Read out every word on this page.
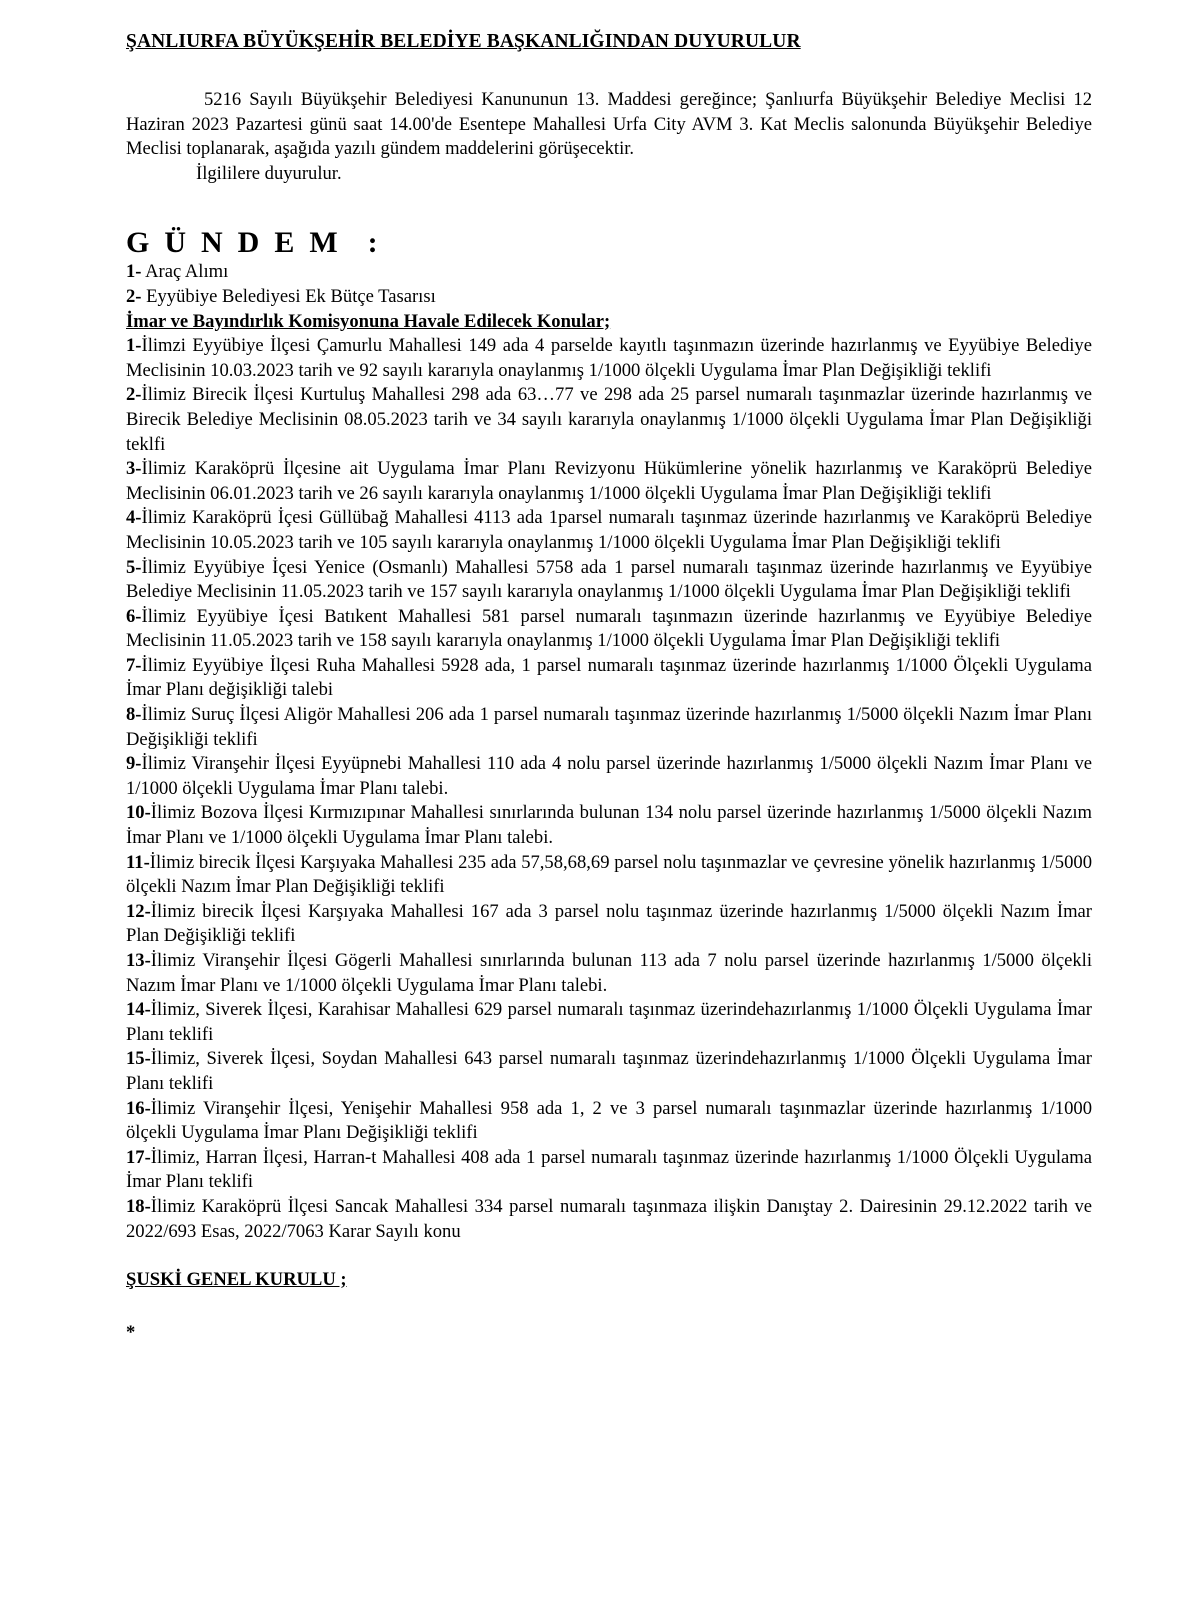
ŞANLIURFA BÜYÜKŞEHİR BELEDİYE BAŞKANLIĞINDAN DUYURULUR
5216 Sayılı Büyükşehir Belediyesi Kanununun 13. Maddesi gereğince; Şanlıurfa Büyükşehir Belediye Meclisi 12 Haziran 2023 Pazartesi günü saat 14.00'de Esentepe Mahallesi Urfa City AVM 3. Kat Meclis salonunda Büyükşehir Belediye Meclisi toplanarak, aşağıda yazılı gündem maddelerini görüşecektir.
İlgililere duyurulur.
G  Ü  N  D  E  M    :
1- Araç Alımı
2- Eyyübiye Belediyesi Ek Bütçe Tasarısı
İmar ve Bayındırlık Komisyonuna Havale Edilecek Konular;
1-İlimzi Eyyübiye İlçesi Çamurlu Mahallesi 149 ada 4 parselde kayıtlı taşınmazın üzerinde hazırlanmış ve Eyyübiye Belediye Meclisinin 10.03.2023 tarih ve 92 sayılı kararıyla onaylanmış 1/1000 ölçekli Uygulama İmar Plan Değişikliği teklifi
2-İlimiz Birecik İlçesi Kurtuluş Mahallesi 298 ada 63…77 ve 298 ada 25 parsel numaralı taşınmazlar üzerinde hazırlanmış ve Birecik Belediye Meclisinin 08.05.2023 tarih ve 34 sayılı kararıyla onaylanmış 1/1000 ölçekli Uygulama İmar Plan Değişikliği teklfi
3-İlimiz Karaköprü İlçesine ait Uygulama İmar Planı Revizyonu Hükümlerine yönelik hazırlanmış ve Karaköprü Belediye Meclisinin 06.01.2023 tarih ve 26 sayılı kararıyla onaylanmış 1/1000 ölçekli Uygulama İmar Plan Değişikliği teklifi
4-İlimiz Karaköprü İçesi Güllübağ Mahallesi 4113 ada 1parsel numaralı taşınmaz üzerinde hazırlanmış ve Karaköprü Belediye Meclisinin 10.05.2023 tarih ve 105 sayılı kararıyla onaylanmış 1/1000 ölçekli Uygulama İmar Plan Değişikliği teklifi
5-İlimiz Eyyübiye İçesi Yenice (Osmanlı) Mahallesi 5758 ada 1 parsel numaralı taşınmaz üzerinde hazırlanmış ve Eyyübiye Belediye Meclisinin 11.05.2023 tarih ve 157 sayılı kararıyla onaylanmış 1/1000 ölçekli Uygulama İmar Plan Değişikliği teklifi
6-İlimiz Eyyübiye İçesi Batıkent Mahallesi 581 parsel numaralı taşınmazın üzerinde hazırlanmış ve Eyyübiye Belediye Meclisinin 11.05.2023 tarih ve 158 sayılı kararıyla onaylanmış 1/1000 ölçekli Uygulama İmar Plan Değişikliği teklifi
7-İlimiz Eyyübiye İlçesi Ruha Mahallesi 5928 ada, 1 parsel numaralı taşınmaz üzerinde hazırlanmış 1/1000 Ölçekli Uygulama İmar Planı değişikliği talebi
8-İlimiz Suruç İlçesi Aligör Mahallesi 206 ada 1 parsel numaralı taşınmaz üzerinde hazırlanmış 1/5000 ölçekli Nazım İmar Planı Değişikliği teklifi
9-İlimiz Viranşehir İlçesi Eyyüpnebi Mahallesi 110 ada 4 nolu parsel üzerinde hazırlanmış 1/5000 ölçekli Nazım İmar Planı ve 1/1000 ölçekli Uygulama İmar Planı talebi.
10-İlimiz Bozova İlçesi Kırmızıpınar Mahallesi sınırlarında bulunan 134 nolu parsel üzerinde hazırlanmış 1/5000 ölçekli Nazım İmar Planı ve 1/1000 ölçekli Uygulama İmar Planı talebi.
11-İlimiz birecik İlçesi Karşıyaka Mahallesi 235 ada 57,58,68,69 parsel nolu taşınmazlar ve çevresine yönelik hazırlanmış 1/5000 ölçekli Nazım İmar Plan Değişikliği teklifi
12-İlimiz birecik İlçesi Karşıyaka Mahallesi 167 ada 3 parsel nolu taşınmaz üzerinde hazırlanmış 1/5000 ölçekli Nazım İmar Plan Değişikliği teklifi
13-İlimiz Viranşehir İlçesi Gögerli Mahallesi sınırlarında bulunan 113 ada 7 nolu parsel üzerinde hazırlanmış 1/5000 ölçekli Nazım İmar Planı ve 1/1000 ölçekli Uygulama İmar Planı talebi.
14-İlimiz, Siverek İlçesi, Karahisar Mahallesi 629 parsel numaralı taşınmaz üzerindehazırlanmış 1/1000 Ölçekli Uygulama İmar Planı teklifi
15-İlimiz, Siverek İlçesi, Soydan Mahallesi 643 parsel numaralı taşınmaz üzerindehazırlanmış 1/1000 Ölçekli Uygulama İmar Planı teklifi
16-İlimiz Viranşehir İlçesi, Yenişehir Mahallesi 958 ada 1, 2 ve 3 parsel numaralı taşınmazlar üzerinde hazırlanmış 1/1000 ölçekli Uygulama İmar Planı Değişikliği teklifi
17-İlimiz, Harran İlçesi, Harran-t Mahallesi 408 ada 1 parsel numaralı taşınmaz üzerinde hazırlanmış 1/1000 Ölçekli Uygulama İmar Planı teklifi
18-İlimiz Karaköprü İlçesi Sancak Mahallesi 334 parsel numaralı taşınmaza ilişkin Danıştay 2. Dairesinin 29.12.2022 tarih ve 2022/693 Esas, 2022/7063 Karar Sayılı konu
ŞUSKİ GENEL KURULU ;
*
